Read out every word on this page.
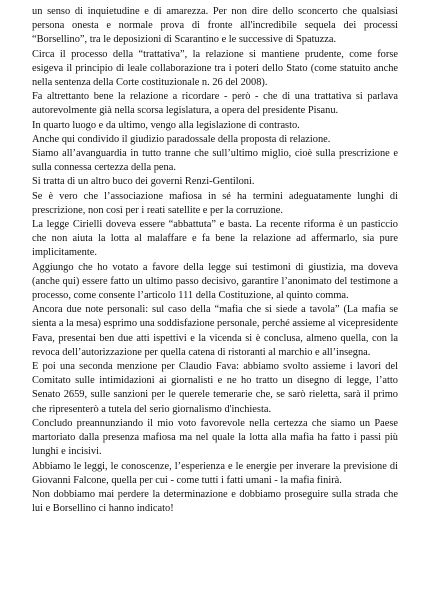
un senso di inquietudine e di amarezza. Per non dire dello sconcerto che qualsiasi persona onesta e normale prova di fronte all'incredibile sequela dei processi “Borsellino”, tra le deposizioni di Scarantino e le successive di Spatuzza.

Circa il processo della “trattativa”, la relazione si mantiene prudente, come forse esigeva il principio di leale collaborazione tra i poteri dello Stato (come statuito anche nella sentenza della Corte costituzionale n. 26 del 2008).

Fa altrettanto bene la relazione a ricordare - però - che di una trattativa si parlava autorevolmente già nella scorsa legislatura, a opera del presidente Pisanu.

In quarto luogo e da ultimo, vengo alla legislazione di contrasto.

Anche qui condivido il giudizio paradossale della proposta di relazione.

Siamo all’avanguardia in tutto tranne che sull’ultimo miglio, cioè sulla prescrizione e sulla connessa certezza della pena.

Si tratta di un altro buco dei governi Renzi-Gentiloni.

Se è vero che l’associazione mafiosa in sé ha termini adeguatamente lunghi di prescrizione, non così per i reati satellite e per la corruzione.

La legge Cirielli doveva essere “abbattuta” e basta. La recente riforma è un pasticcio che non aiuta la lotta al malaffare e fa bene la relazione ad affermarlo, sia pure implicitamente.

Aggiungo che ho votato a favore della legge sui testimoni di giustizia, ma doveva (anche qui) essere fatto un ultimo passo decisivo, garantire l’anonimato del testimone a processo, come consente l’articolo 111 della Costituzione, al quinto comma.

Ancora due note personali: sul caso della “mafia che si siede a tavola” (La mafia se sienta a la mesa) esprimo una soddisfazione personale, perché assieme al vicepresidente Fava, presentai ben due atti ispettivi e la vicenda si è conclusa, almeno quella, con la revoca dell’autorizzazione per quella catena di ristoranti al marchio e all’insegna.

E poi una seconda menzione per Claudio Fava: abbiamo svolto assieme i lavori del Comitato sulle intimidazioni ai giornalisti e ne ho tratto un disegno di legge, l’atto Senato 2659, sulle sanzioni per le querele temerarie che, se sarò rieletta, sarà il primo che ripresenterò a tutela del serio giornalismo d'inchiesta.

Concludo preannunziando il mio voto favorevole nella certezza che siamo un Paese martoriato dalla presenza mafiosa ma nel quale la lotta alla mafia ha fatto i passi più lunghi e incisivi.

Abbiamo le leggi, le conoscenze, l’esperienza e le energie per inverare la previsione di Giovanni Falcone, quella per cui - come tutti i fatti umani - la mafia finirà.

Non dobbiamo mai perdere la determinazione e dobbiamo proseguire sulla strada che lui e Borsellino ci hanno indicato!
